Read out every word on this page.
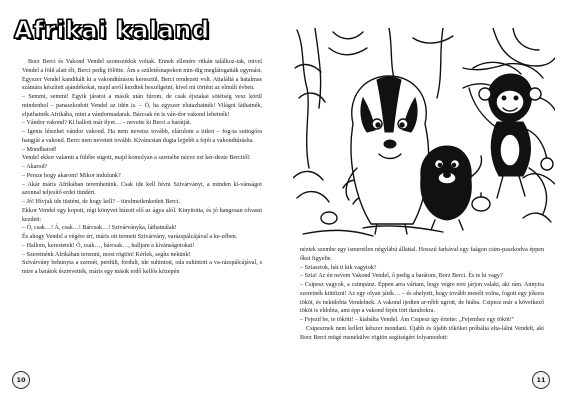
Afrikai kaland

Borz Berci és Vakond Vendel szomszédok voltak. Ennek ellenére ritkán találkoz-tak, mivel Vendel a föld alatt élt, Berci pedig fölötte. Ám a születésnapokon min-dig meglátogatták egymást. Egyszer Vendel kandikált ki a vakondtúráson keresztül, Berci rendezett volt. Attaláltá a hatalmas számára készített ajándékokat, majd arról kezdtek beszélgetni, kivel mi történt az elmúlt évben.

– Semmi, semmi! Egyik járatot a másik után fúrom, de csak éjszakai sötétség vesz körül mindenhol – panaszkodott Vendel az idén is. – Ó, ha egyszer elutazhatnék! Világot láthatnék, eljuthatnék Afrikába, mint a vándormadarak. Bárcsak én is ván-dor vakond lehetnék!

– Vándor vakond? Ki hallott már ilyet… – nevette ki Berci a barátját.

– Igenis létezhet vándor vakond. Ha nem nevetsz tovább, elárulom a titkot – fog-ta suttogóra hangját a vakond. Berci nem nevetett tovább. Kíváncsian dugta lejjebb a fejét a vakondtúrásba.

– Mondhatod!

Vendel ekkor valamit a fülébe súgott, majd komolyan a szemébe nézve ezt kér-dezte Bercitől:

– Akarod?

– Persze hogy akarom! Mikor indulunk?

– Akár máris Afrikában teremhetünk. Csak ide kell hívni Szivárványt, a minden kí-vánságot azonnal teljesítő erdei tündért.

– Jó! Hívjuk ide tüstént, de hogy kell? – türelmetlenkedett Berci.

Ekkor Vendel egy kopott, régi könyvet húzott elő az ágya alól. Kinyitotta, és jó hangosan olvasni kezdett:

– Ó, csak…! Á, csak…! Bárcsak…! Szivárványka, láthatnálak!

És ahogy Vendel a végére ért, máris ott termett Szivárvány, varázspálcájával a ke-zében.

– Hallom, kerestetek! Ó, csak…, bárcsak…, halljam a kívánságotokat!

– Szeretnénk Afrikában teremni, most rögtön! Kérlek, segíts nekünk!

Szivárvány behunyta a szemét, perdült, fordult, ide suhintott, oda suhintott a va-rázspálcájával, s mire a barátok észrevették, máris egy másik erdő kellős közepén

10

néztek szembe egy ismeretlen négylábú állattal. Hosszú farkával egy faágon csim-paszkodva éppen őket figyelte.

– Sziasztok, hát ti kik vagytok?

– Szia! Az én nevem Vakond Vendel, ő pedig a barátom, Borz Berci. És te ki vagy?

– Csipesz vagyok, a csimpánz. Éppen arra vártam, hogy végre erre járjon valaki, aki rám. Annyira szeretnék kiütözni! Az egy olyan játék… – és ahelyett, hogy tovább mesélt volna, fogott egy jókora tököt, és nekidobta Vendelnek. A vakond ijedten ar-rébb ugrott, de hiába. Csipesz már a következő tököt is eldobta, ami épp a vakond fején tört darabokra.

– Fejezd be, te tökött! – kiabálta Vendel. Ám Csipesz így értette: „Fejemhez egy tököt!"

Csipesznek nem kellett kétszer mondani. Újabb és újabb tököket próbálta elta-lálni Vendelt, aki Borz Berci mögé menekülve rögtön segítségért folyamodott:

11
